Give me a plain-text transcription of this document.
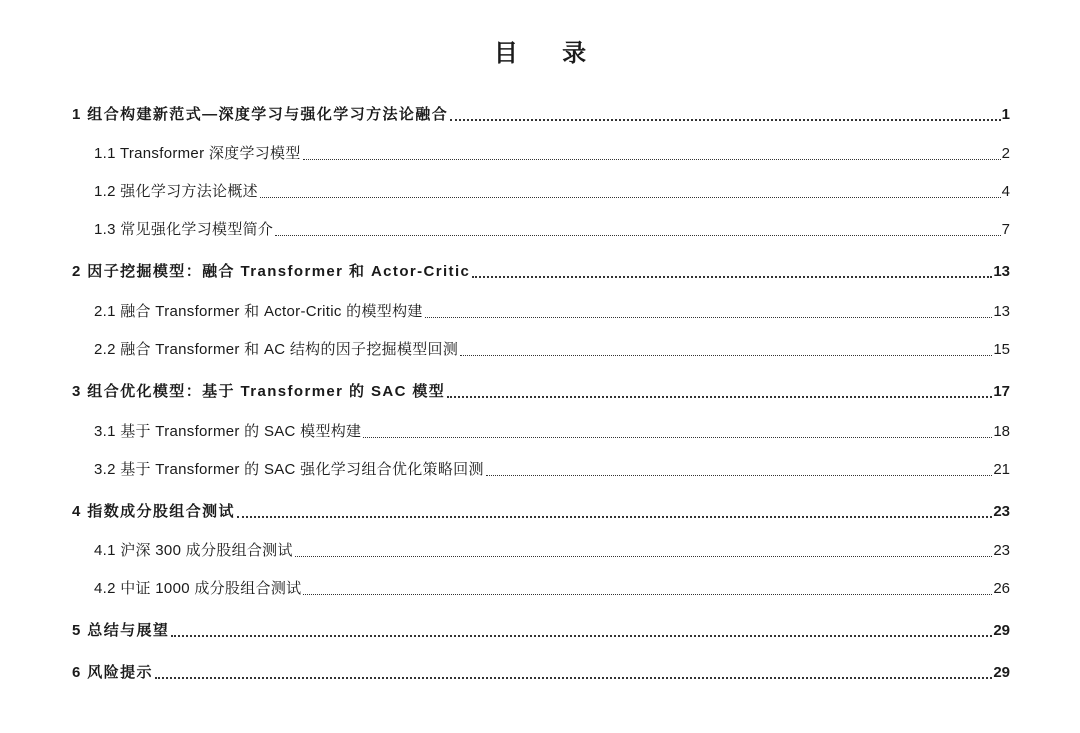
目 录
1 组合构建新范式—深度学习与强化学习方法论融合	1
1.1 Transformer 深度学习模型	2
1.2 强化学习方法论概述	4
1.3 常见强化学习模型简介	7
2 因子挖掘模型：融合 Transformer 和 Actor-Critic	13
2.1 融合 Transformer 和 Actor-Critic 的模型构建	13
2.2 融合 Transformer 和 AC 结构的因子挖掘模型回测	15
3 组合优化模型：基于 Transformer 的 SAC 模型	17
3.1 基于 Transformer 的 SAC 模型构建	18
3.2 基于 Transformer 的 SAC 强化学习组合优化策略回测	21
4 指数成分股组合测试	23
4.1 沪深 300 成分股组合测试	23
4.2 中证 1000 成分股组合测试	26
5 总结与展望	29
6 风险提示	29
